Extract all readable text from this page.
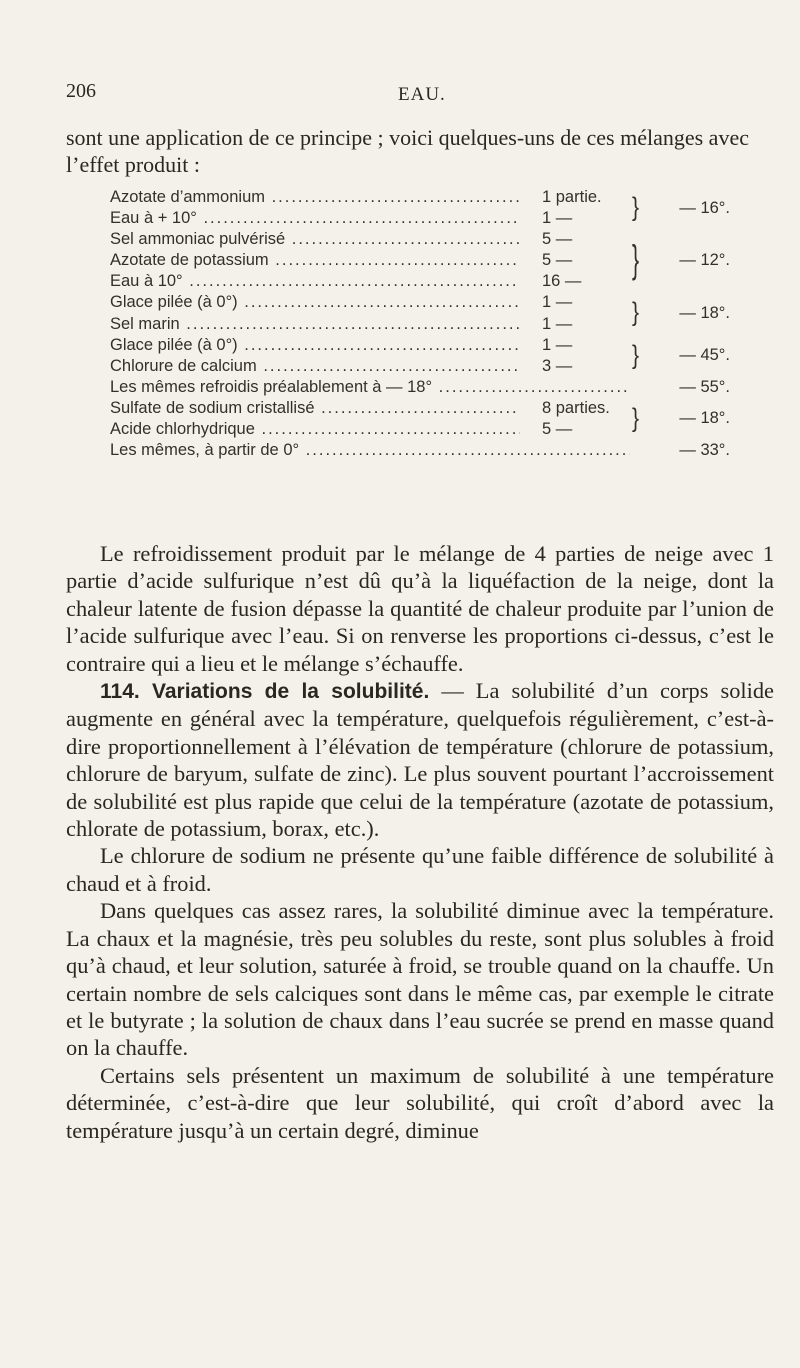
206	EAU.
sont une application de ce principe ; voici quelques-uns de ces mélanges avec l’effet produit :
Azotate d’ammonium .....	1 partie.
Eau à + 10° .....	1 —	}	— 16°.
Sel ammoniac pulvérisé .....	5 —
Azotate de potassium .....	5 —
Eau à 10° .....	16 —	}	— 12°.
Glace pilée (à 0°) .....	1 —
Sel marin .....	1 —	}	— 18°.
Glace pilée (à 0°) .....	1 —
Chlorure de calcium .....	3 —	}	— 45°.
Les mêmes refroidis préalablement à — 18° .....	— 55°.
Sulfate de sodium cristallisé .....	8 parties.
Acide chlorhydrique .....	5 —	}	— 18°.
Les mêmes, à partir de 0° .....	— 33°.

Le refroidissement produit par le mélange de 4 parties de neige avec 1 partie d’acide sulfurique n’est dû qu’à la liquéfaction de la neige, dont la chaleur latente de fusion dépasse la quantité de chaleur produite par l’union de l’acide sulfurique avec l’eau. Si on renverse les proportions ci-dessus, c’est le contraire qui a lieu et le mélange s’échauffe.

114. Variations de la solubilité. — La solubilité d’un corps solide augmente en général avec la température, quelquefois régulièrement, c’est-à-dire proportionnellement à l’élévation de température (chlorure de potassium, chlorure de baryum, sulfate de zinc). Le plus souvent pourtant l’accroissement de solubilité est plus rapide que celui de la température (azotate de potassium, chlorate de potassium, borax, etc.).

Le chlorure de sodium ne présente qu’une faible différence de solubilité à chaud et à froid.

Dans quelques cas assez rares, la solubilité diminue avec la température. La chaux et la magnésie, très peu solubles du reste, sont plus solubles à froid qu’à chaud, et leur solution, saturée à froid, se trouble quand on la chauffe. Un certain nombre de sels calciques sont dans le même cas, par exemple le citrate et le butyrate ; la solution de chaux dans l’eau sucrée se prend en masse quand on la chauffe.

Certains sels présentent un maximum de solubilité à une température déterminée, c’est-à-dire que leur solubilité, qui croît d’abord avec la température jusqu’à un certain degré, diminue
